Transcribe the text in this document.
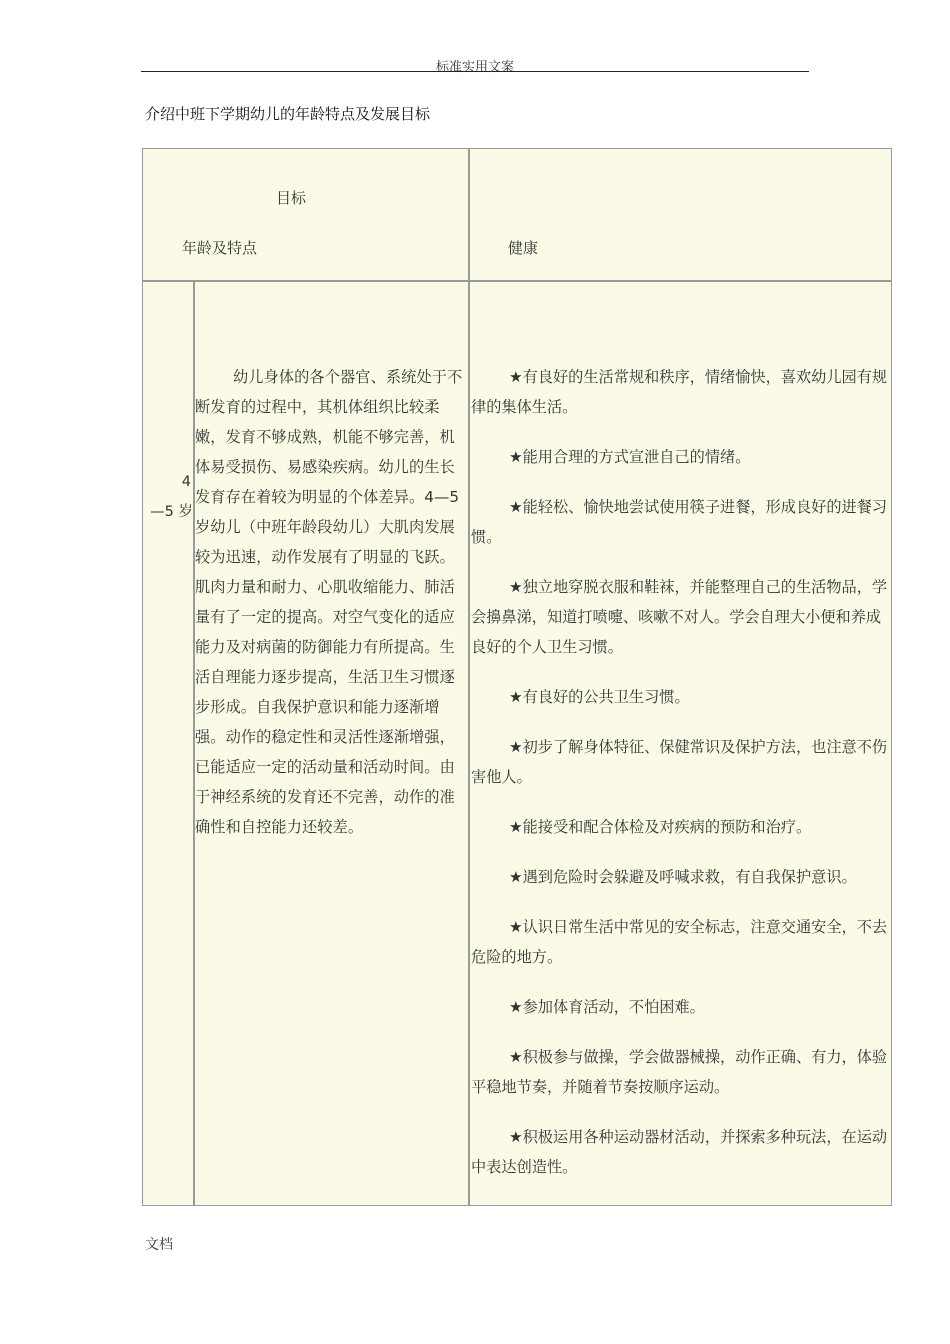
标准实用文案
介绍中班下学期幼儿的年龄特点及发展目标
目标
年龄及特点	健康
4
—5 岁
幼儿身体的各个器官、系统处于不断发育的过程中，其机体组织比较柔嫩，发育不够成熟，机能不够完善，机体易受损伤、易感染疾病。幼儿的生长发育存在着较为明显的个体差异。4—5 岁幼儿（中班年龄段幼儿）大肌肉发展较为迅速，动作发展有了明显的飞跃。肌肉力量和耐力、心肌收缩能力、肺活量有了一定的提高。对空气变化的适应能力及对病菌的防御能力有所提高。生活自理能力逐步提高，生活卫生习惯逐步形成。自我保护意识和能力逐渐增强。动作的稳定性和灵活性逐渐增强，已能适应一定的活动量和活动时间。由于神经系统的发育还不完善，动作的准确性和自控能力还较差。

★有良好的生活常规和秩序，情绪愉快，喜欢幼儿园有规律的集体生活。

★能用合理的方式宣泄自己的情绪。

★能轻松、愉快地尝试使用筷子进餐，形成良好的进餐习惯。

★独立地穿脱衣服和鞋袜，并能整理自己的生活物品，学会擤鼻涕，知道打喷嚏、咳嗽不对人。学会自理大小便和养成良好的个人卫生习惯。

★有良好的公共卫生习惯。

★初步了解身体特征、保健常识及保护方法，也注意不伤害他人。

★能接受和配合体检及对疾病的预防和治疗。

★遇到危险时会躲避及呼喊求救，有自我保护意识。

★认识日常生活中常见的安全标志，注意交通安全，不去危险的地方。

★参加体育活动，不怕困难。

★积极参与做操，学会做器械操，动作正确、有力，体验平稳地节奏，并随着节奏按顺序运动。

★积极运用各种运动器材活动，并探索多种玩法，在运动中表达创造性。

文档
